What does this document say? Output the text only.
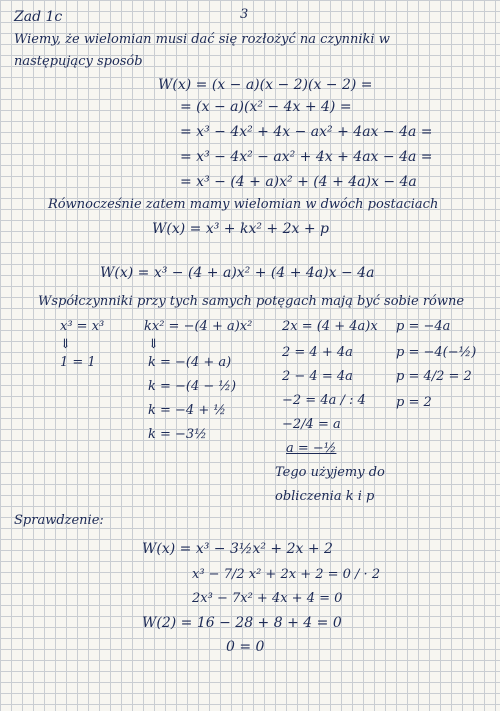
Zad 1c	3
Wiemy, że wielomian musi dać się rozłożyć na czynniki w
następujący sposób
W(x) = (x − a)(x − 2)(x − 2) =
= (x − a)(x² − 4x + 4) =
= x³ − 4x² + 4x − ax² + 4ax − 4a =
= x³ − 4x² − ax² + 4x + 4ax − 4a =
= x³ − (4 + a)x² + (4 + 4a)x − 4a
Równocześnie zatem mamy wielomian w dwóch postaciach
W(x) = x³ + kx² + 2x + p
W(x) = x³ − (4 + a)x² + (4 + 4a)x − 4a
Współczynniki przy tych samych potęgach mają być sobie równe
x³ = x³
⇓
1 = 1
kx² = −(4 + a)x²
⇓
k = −(4 + a)
k = −(4 − ½)
k = −4 + ½
k = −3½
2x = (4 + 4a)x
2 = 4 + 4a
2 − 4 = 4a
−2 = 4a / : 4
−2/4 = a
a = −½
p = −4a
p = −4(−½)
p = 4/2 = 2
p = 2
Tego użyjemy do
obliczenia k i p
Sprawdzenie:
W(x) = x³ − 3½x² + 2x + 2
x³ − 7/2 x² + 2x + 2 = 0 / · 2
2x³ − 7x² + 4x + 4 = 0
W(2) = 16 − 28 + 8 + 4 = 0
0 = 0
